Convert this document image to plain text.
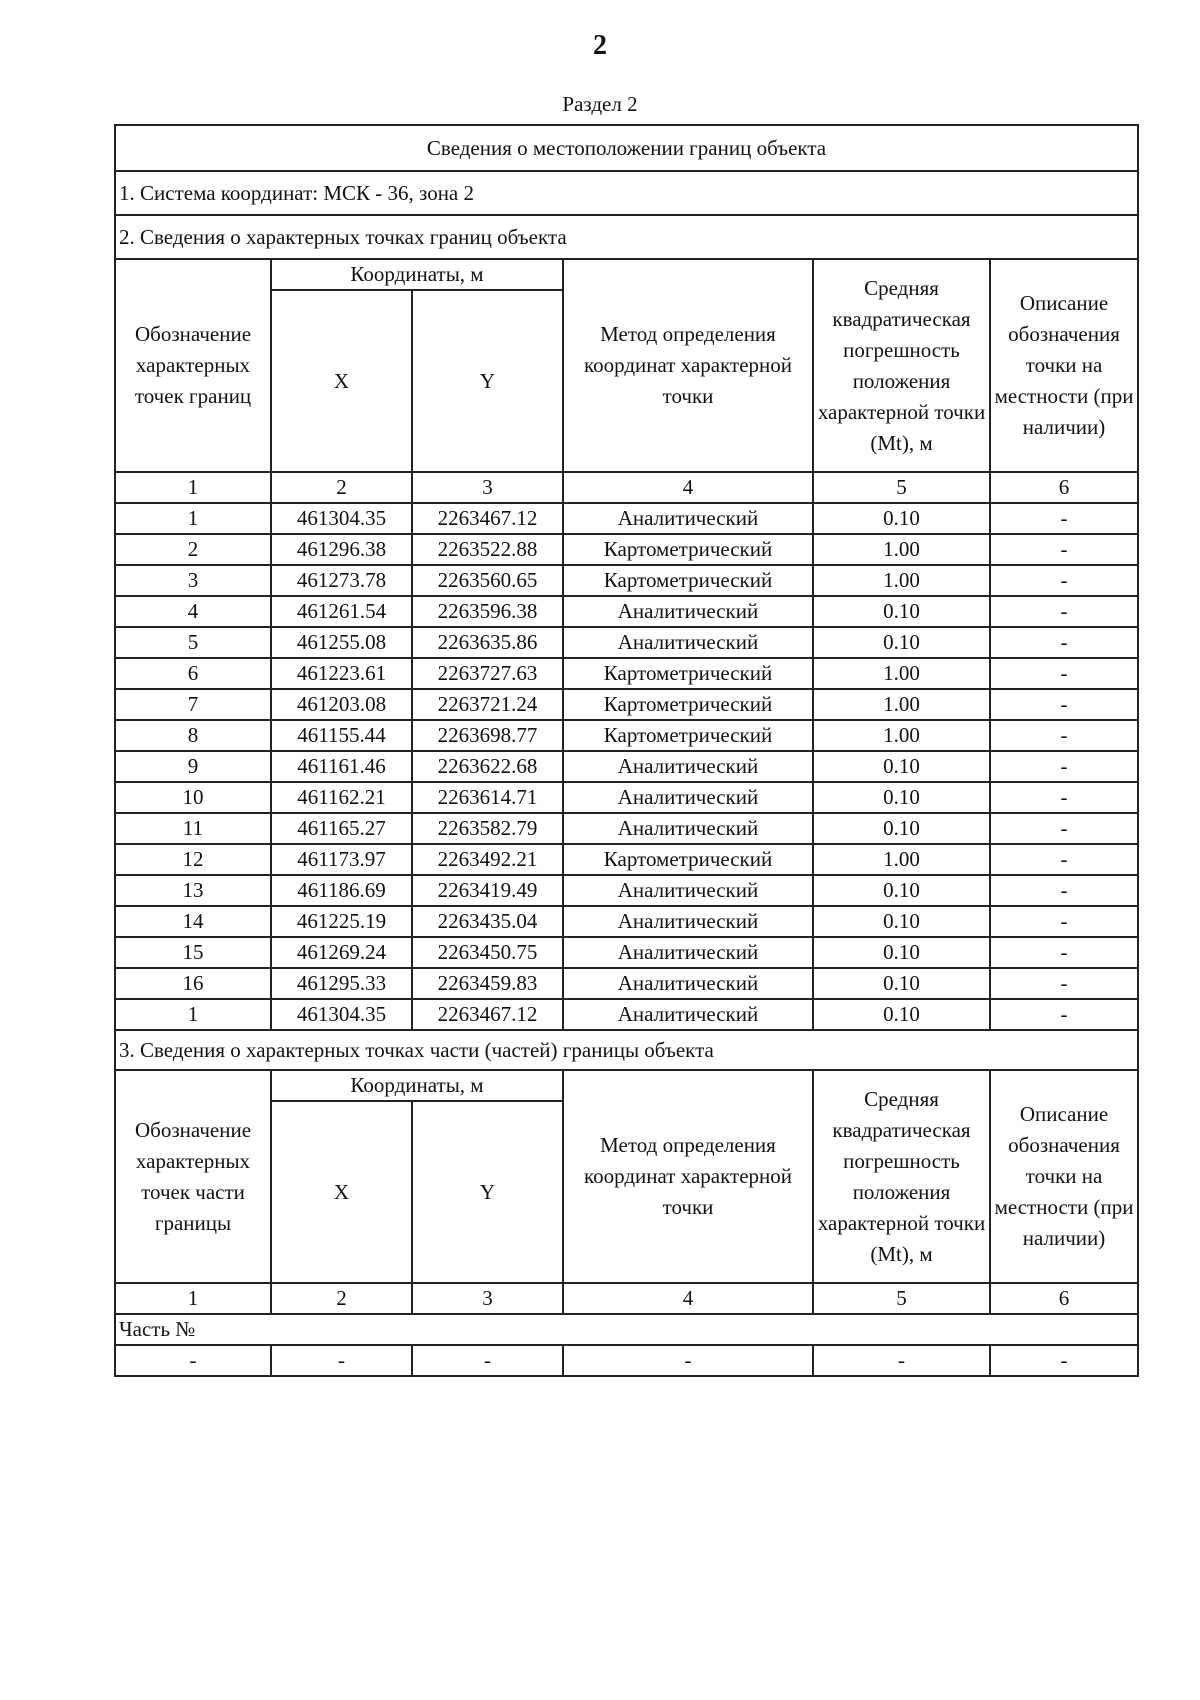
2
Раздел 2
Сведения о местоположении границ объекта					
1. Система координат: МСК - 36, зона 2					
2. Сведения о характерных точках границ объекта					
Обозначение характерных точек границ	Координаты, м		Метод определения координат характерной точки	Средняя квадратическая погрешность положения характерной точки (Mt), м	Описание обозначения точки на местности (при наличии)
	X	Y			
1	2	3	4	5	6
1	461304.35	2263467.12	Аналитический	0.10	-
2	461296.38	2263522.88	Картометрический	1.00	-
3	461273.78	2263560.65	Картометрический	1.00	-
4	461261.54	2263596.38	Аналитический	0.10	-
5	461255.08	2263635.86	Аналитический	0.10	-
6	461223.61	2263727.63	Картометрический	1.00	-
7	461203.08	2263721.24	Картометрический	1.00	-
8	461155.44	2263698.77	Картометрический	1.00	-
9	461161.46	2263622.68	Аналитический	0.10	-
10	461162.21	2263614.71	Аналитический	0.10	-
11	461165.27	2263582.79	Аналитический	0.10	-
12	461173.97	2263492.21	Картометрический	1.00	-
13	461186.69	2263419.49	Аналитический	0.10	-
14	461225.19	2263435.04	Аналитический	0.10	-
15	461269.24	2263450.75	Аналитический	0.10	-
16	461295.33	2263459.83	Аналитический	0.10	-
1	461304.35	2263467.12	Аналитический	0.10	-
3. Сведения о характерных точках части (частей) границы объекта					
Обозначение характерных точек части границы	Координаты, м		Метод определения координат характерной точки	Средняя квадратическая погрешность положения характерной точки (Mt), м	Описание обозначения точки на местности (при наличии)
	X	Y			
1	2	3	4	5	6
Часть №					
-	-	-	-	-	-
